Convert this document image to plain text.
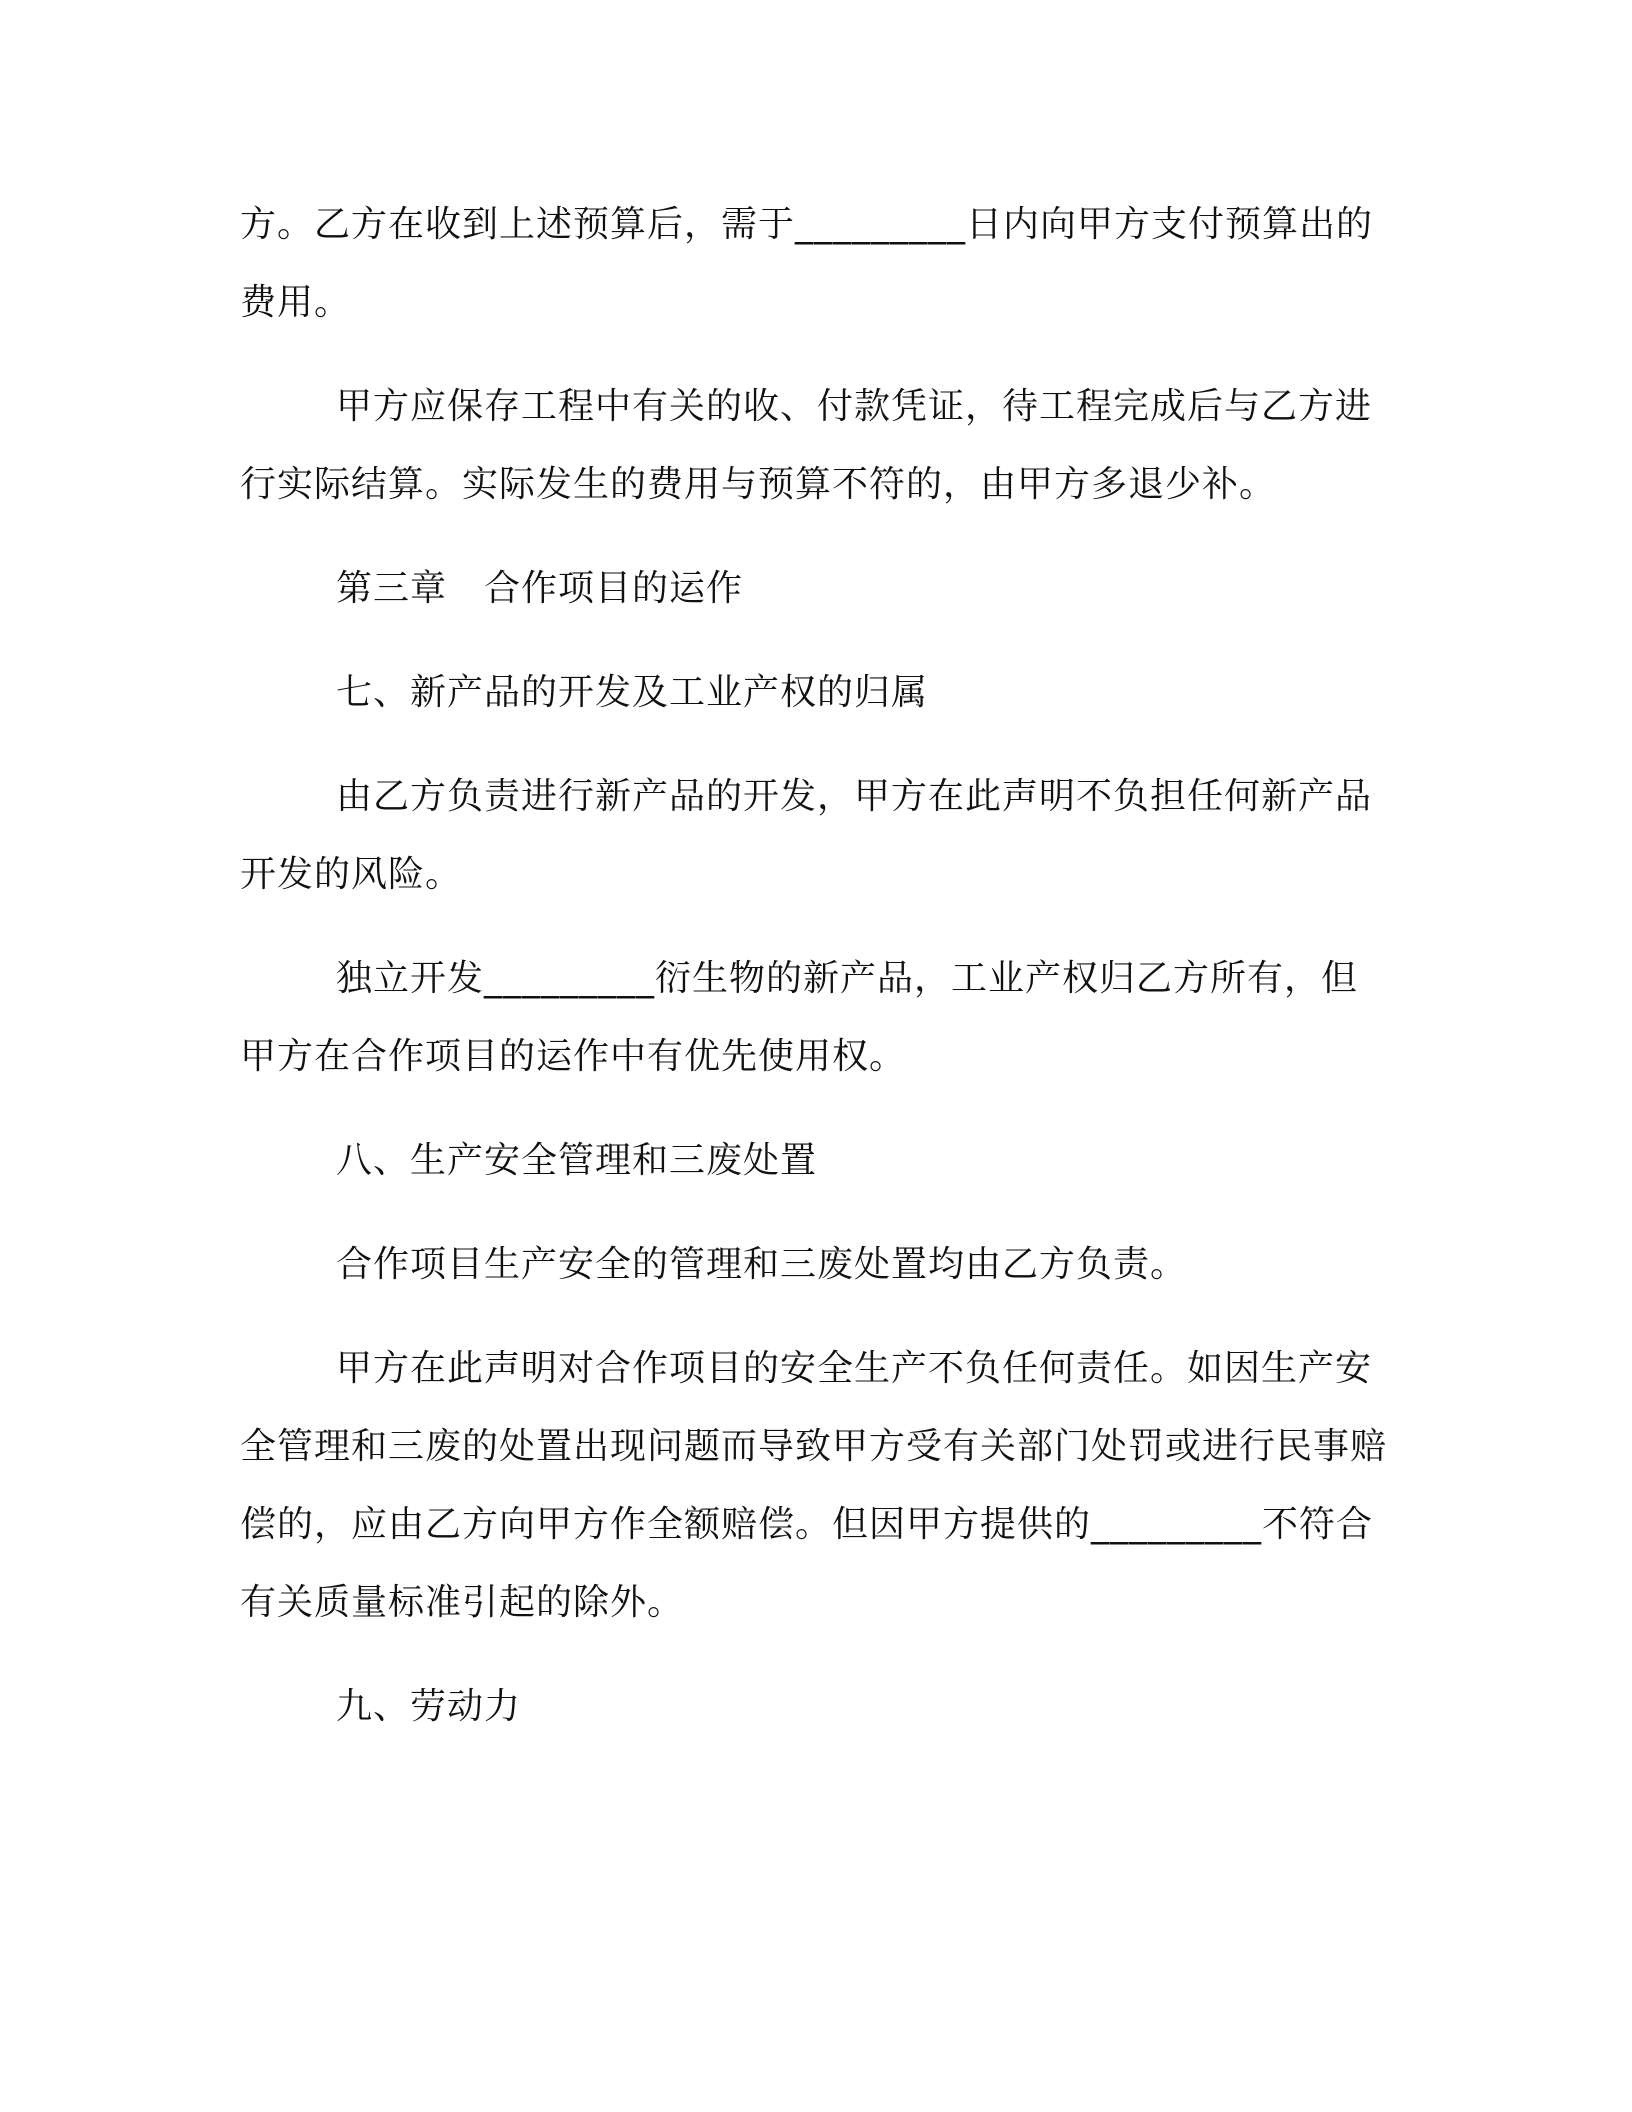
方。乙方在收到上述预算后，需于_________日内向甲方支付预算出的费用。

甲方应保存工程中有关的收、付款凭证，待工程完成后与乙方进行实际结算。实际发生的费用与预算不符的，由甲方多退少补。

第三章　合作项目的运作

七、新产品的开发及工业产权的归属

由乙方负责进行新产品的开发，甲方在此声明不负担任何新产品开发的风险。

独立开发_________衍生物的新产品，工业产权归乙方所有，但甲方在合作项目的运作中有优先使用权。

八、生产安全管理和三废处置

合作项目生产安全的管理和三废处置均由乙方负责。

甲方在此声明对合作项目的安全生产不负任何责任。如因生产安全管理和三废的处置出现问题而导致甲方受有关部门处罚或进行民事赔偿的，应由乙方向甲方作全额赔偿。但因甲方提供的_________不符合有关质量标准引起的除外。

九、劳动力
